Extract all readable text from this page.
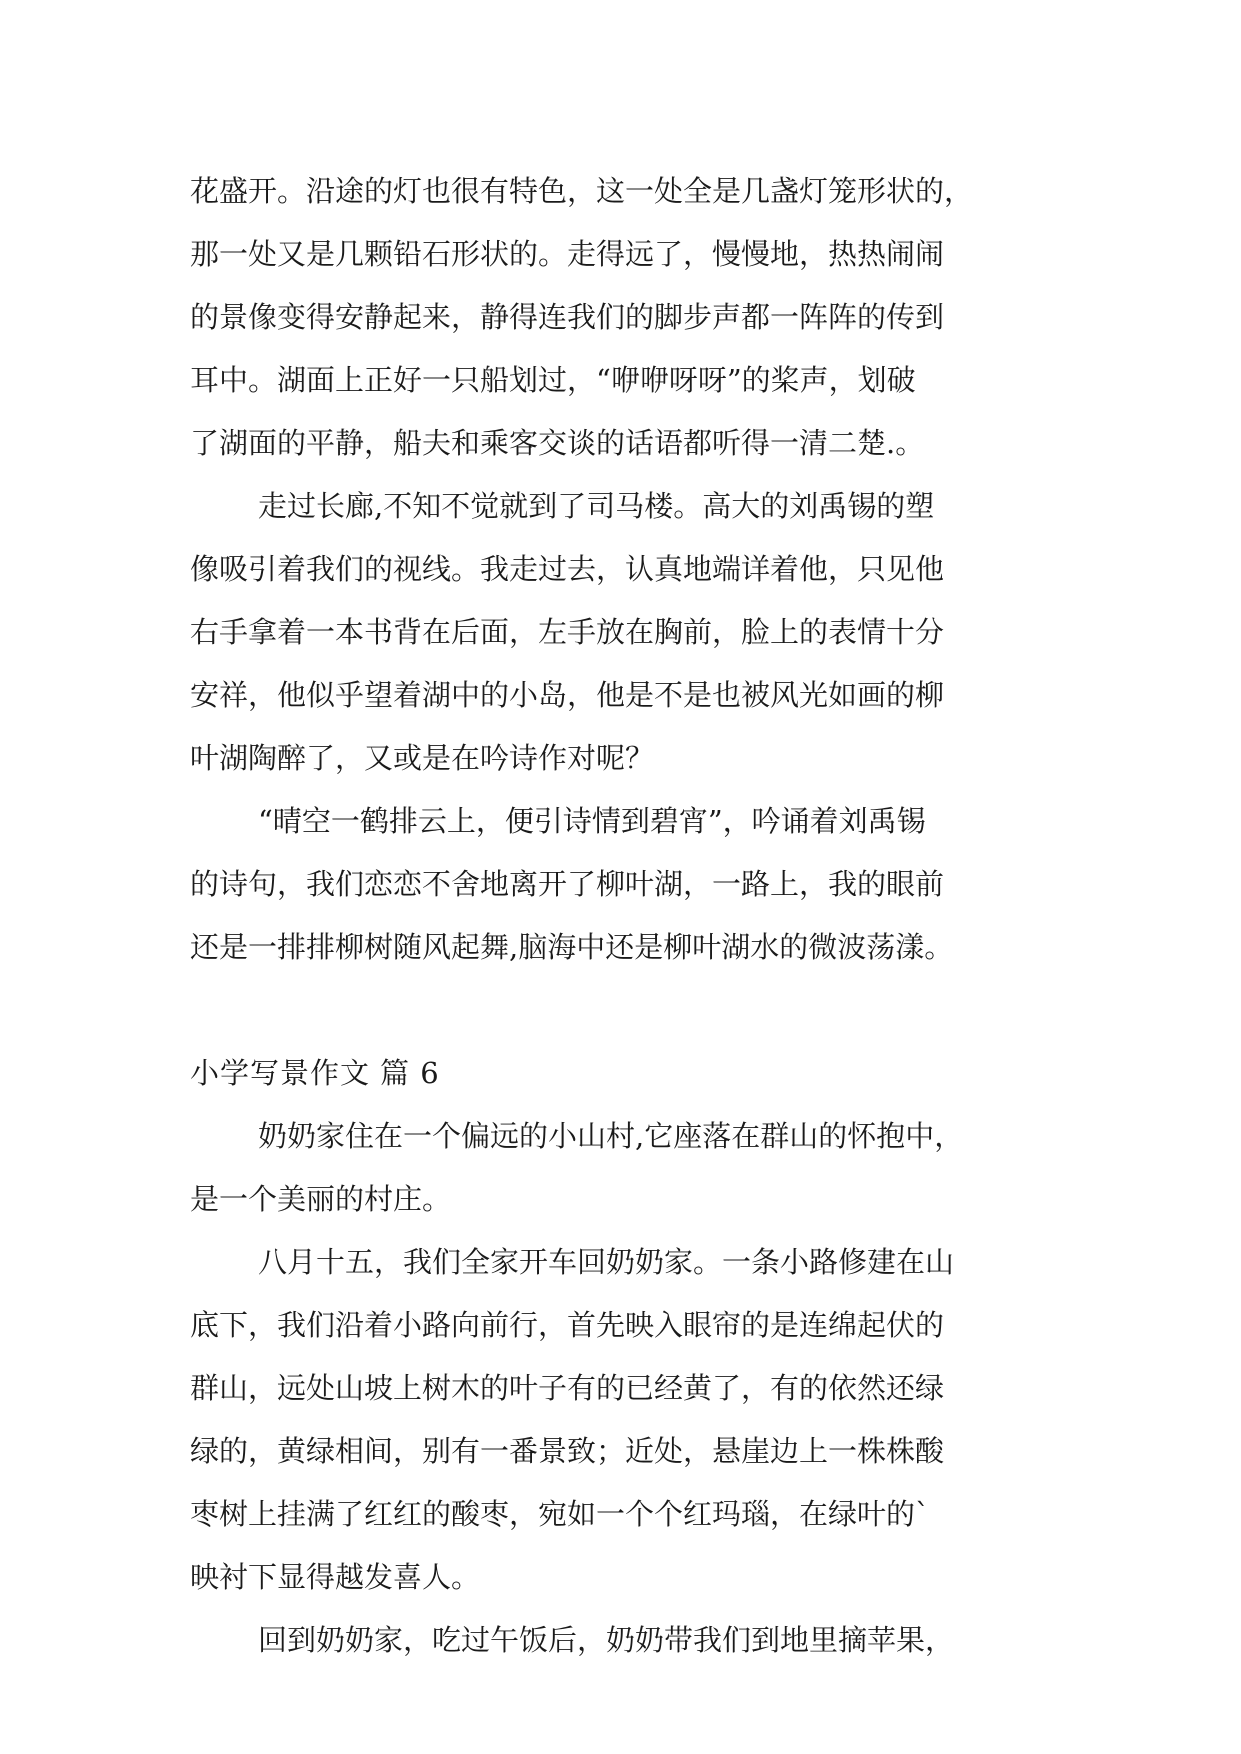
花盛开。沿途的灯也很有特色，这一处全是几盏灯笼形状的，
那一处又是几颗铅石形状的。走得远了，慢慢地，热热闹闹
的景像变得安静起来，静得连我们的脚步声都一阵阵的传到
耳中。湖面上正好一只船划过，“咿咿呀呀”的桨声，划破
了湖面的平静，船夫和乘客交谈的话语都听得一清二楚.。
走过长廊,不知不觉就到了司马楼。高大的刘禹锡的塑
像吸引着我们的视线。我走过去，认真地端详着他，只见他
右手拿着一本书背在后面，左手放在胸前，脸上的表情十分
安祥，他似乎望着湖中的小岛，他是不是也被风光如画的柳
叶湖陶醉了，又或是在吟诗作对呢？
“晴空一鹤排云上，便引诗情到碧宵”，吟诵着刘禹锡
的诗句，我们恋恋不舍地离开了柳叶湖，一路上，我的眼前
还是一排排柳树随风起舞,脑海中还是柳叶湖水的微波荡漾。
小学写景作文 篇 6
奶奶家住在一个偏远的小山村,它座落在群山的怀抱中，
是一个美丽的村庄。
八月十五，我们全家开车回奶奶家。一条小路修建在山
底下，我们沿着小路向前行，首先映入眼帘的是连绵起伏的
群山，远处山坡上树木的叶子有的已经黄了，有的依然还绿
绿的，黄绿相间，别有一番景致；近处，悬崖边上一株株酸
枣树上挂满了红红的酸枣，宛如一个个红玛瑙，在绿叶的`
映衬下显得越发喜人。
回到奶奶家，吃过午饭后，奶奶带我们到地里摘苹果，
